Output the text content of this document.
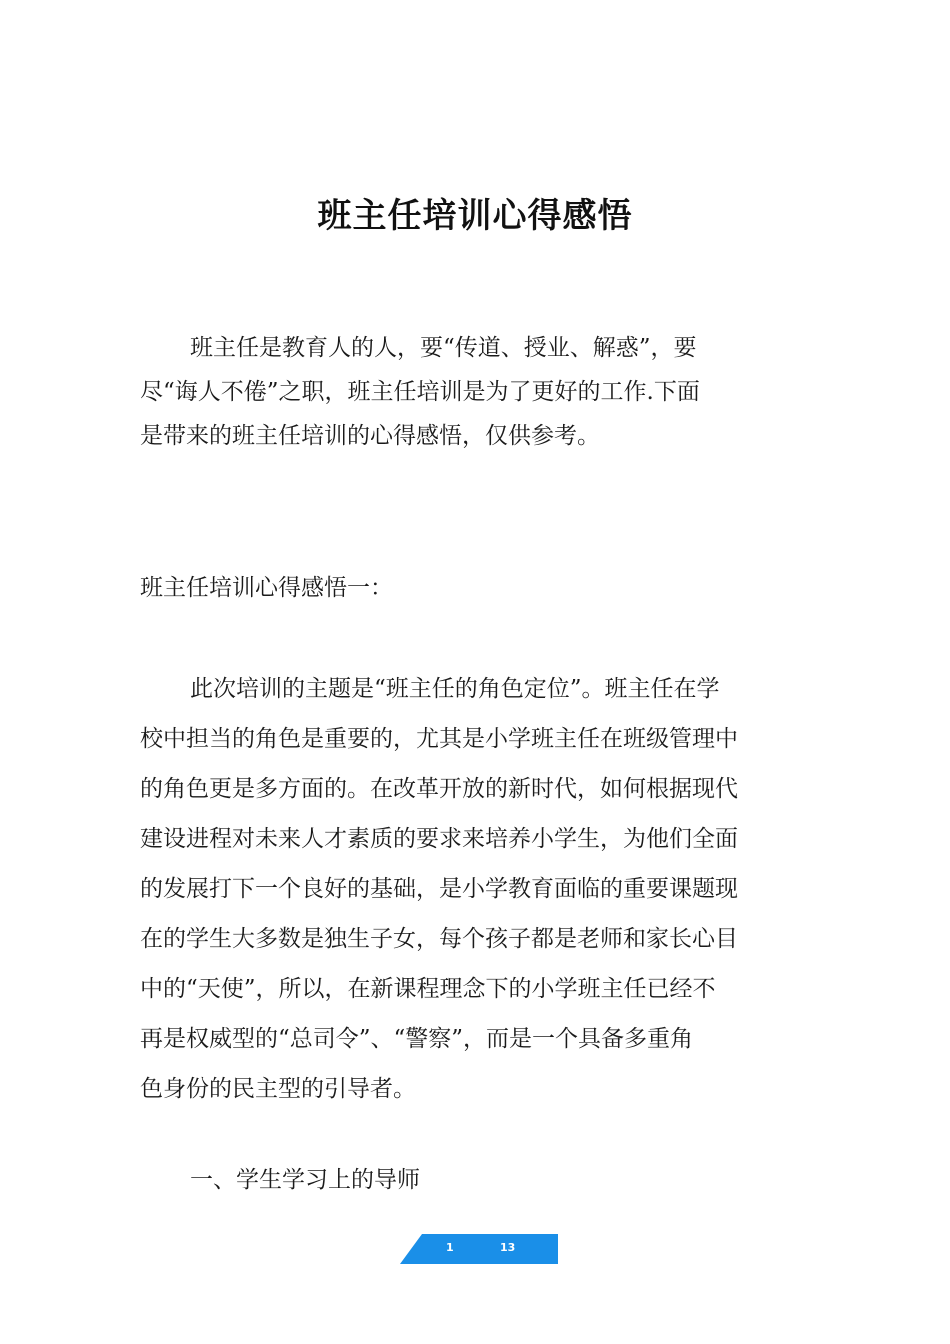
班主任培训心得感悟
班主任是教育人的人，要“传道、授业、解惑”，要
尽“诲人不倦”之职，班主任培训是为了更好的工作.下面
是带来的班主任培训的心得感悟，仅供参考。
班主任培训心得感悟一：
此次培训的主题是“班主任的角色定位”。班主任在学
校中担当的角色是重要的，尤其是小学班主任在班级管理中
的角色更是多方面的。在改革开放的新时代，如何根据现代
建设进程对未来人才素质的要求来培养小学生，为他们全面
的发展打下一个良好的基础，是小学教育面临的重要课题现
在的学生大多数是独生子女，每个孩子都是老师和家长心目
中的“天使”，所以，在新课程理念下的小学班主任已经不
再是权威型的“总司令”、“警察”，而是一个具备多重角
色身份的民主型的引导者。
一、学生学习上的导师
1	13
